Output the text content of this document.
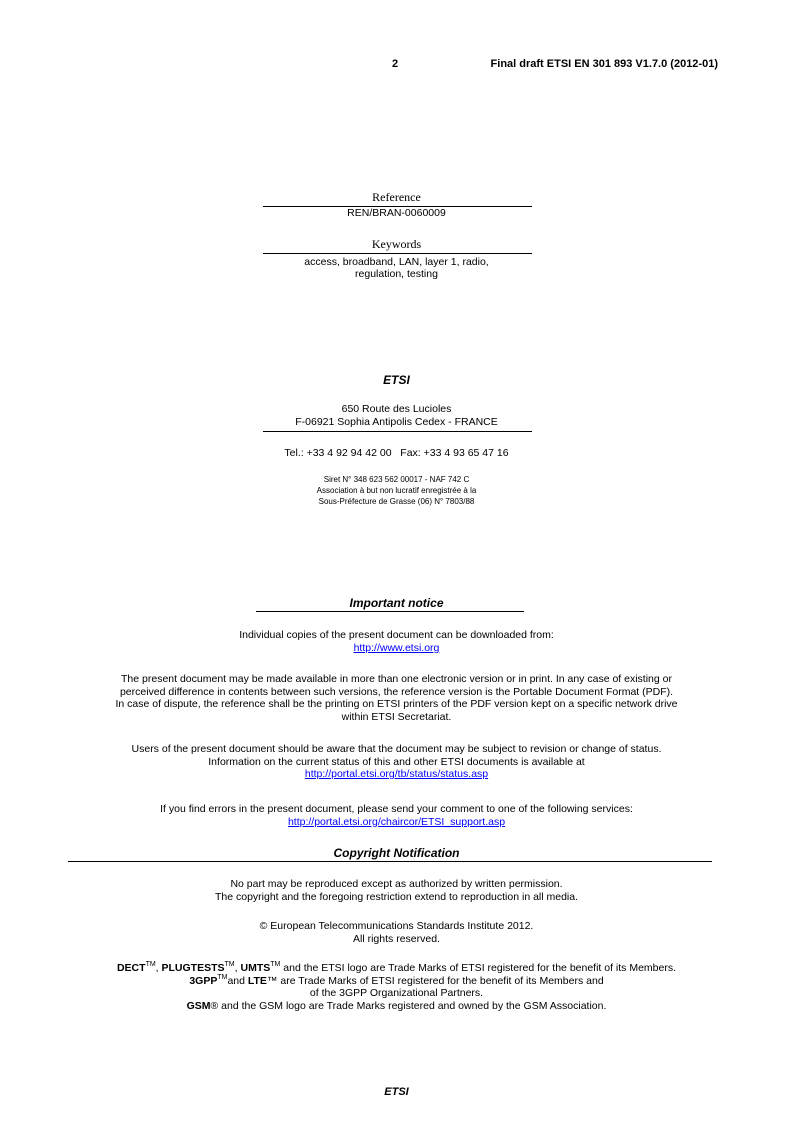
2	Final draft ETSI EN 301 893 V1.7.0 (2012-01)
Reference
REN/BRAN-0060009
Keywords
access, broadband, LAN, layer 1, radio,
regulation, testing
ETSI
650 Route des Lucioles
F-06921 Sophia Antipolis Cedex - FRANCE
Tel.: +33 4 92 94 42 00   Fax: +33 4 93 65 47 16
Siret N° 348 623 562 00017 - NAF 742 C
Association à but non lucratif enregistrée à la
Sous-Préfecture de Grasse (06) N° 7803/88
Important notice
Individual copies of the present document can be downloaded from:
http://www.etsi.org
The present document may be made available in more than one electronic version or in print. In any case of existing or
perceived difference in contents between such versions, the reference version is the Portable Document Format (PDF).
In case of dispute, the reference shall be the printing on ETSI printers of the PDF version kept on a specific network drive
within ETSI Secretariat.
Users of the present document should be aware that the document may be subject to revision or change of status.
Information on the current status of this and other ETSI documents is available at
http://portal.etsi.org/tb/status/status.asp
If you find errors in the present document, please send your comment to one of the following services:
http://portal.etsi.org/chaircor/ETSI_support.asp
Copyright Notification
No part may be reproduced except as authorized by written permission.
The copyright and the foregoing restriction extend to reproduction in all media.
© European Telecommunications Standards Institute 2012.
All rights reserved.
DECT™, PLUGTESTS™, UMTS™ and the ETSI logo are Trade Marks of ETSI registered for the benefit of its Members.
3GPP™and LTE™ are Trade Marks of ETSI registered for the benefit of its Members and
of the 3GPP Organizational Partners.
GSM® and the GSM logo are Trade Marks registered and owned by the GSM Association.
ETSI
